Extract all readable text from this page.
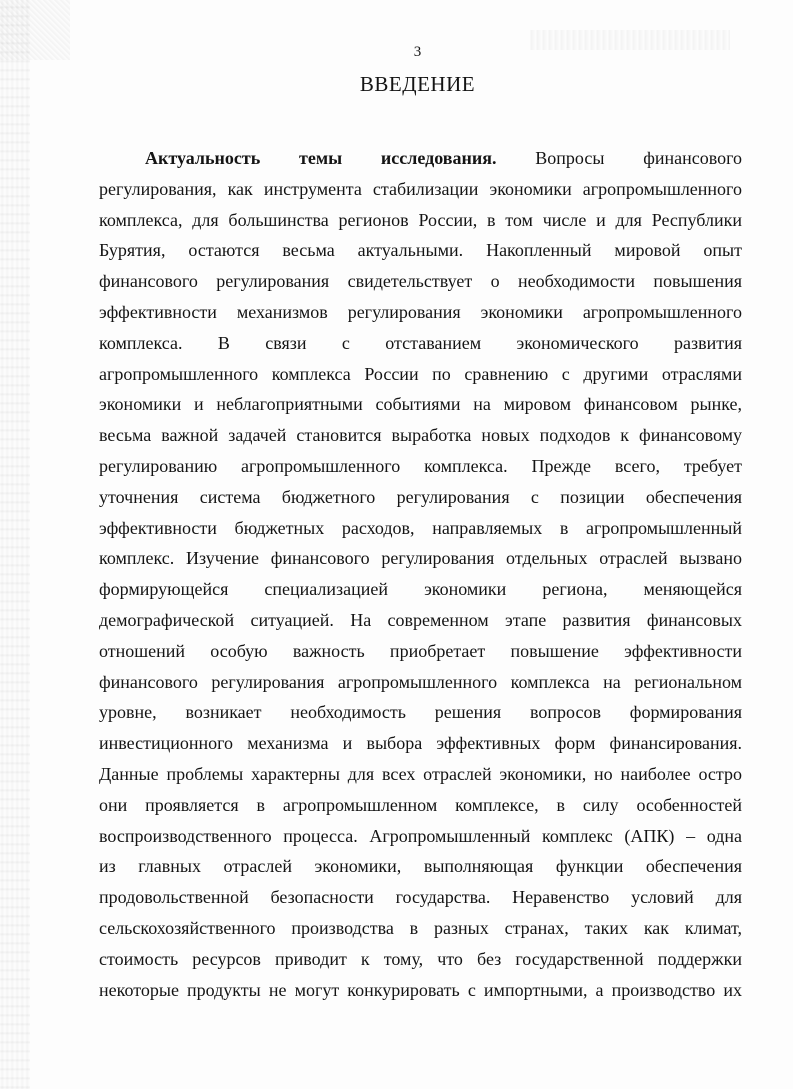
3
ВВЕДЕНИЕ
Актуальность темы исследования. Вопросы финансового
регулирования, как инструмента стабилизации экономики агропромышленного
комплекса, для большинства регионов России, в том числе и для Республики
Бурятия, остаются весьма актуальными. Накопленный мировой опыт
финансового регулирования свидетельствует о необходимости повышения
эффективности механизмов регулирования экономики агропромышленного
комплекса. В связи с отставанием экономического развития
агропромышленного комплекса России по сравнению с другими отраслями
экономики и неблагоприятными событиями на мировом финансовом рынке,
весьма важной задачей становится выработка новых подходов к финансовому
регулированию агропромышленного комплекса. Прежде всего, требует
уточнения система бюджетного регулирования с позиции обеспечения
эффективности бюджетных расходов, направляемых в агропромышленный
комплекс. Изучение финансового регулирования отдельных отраслей вызвано
формирующейся специализацией экономики региона, меняющейся
демографической ситуацией. На современном этапе развития финансовых
отношений особую важность приобретает повышение эффективности
финансового регулирования агропромышленного комплекса на региональном
уровне, возникает необходимость решения вопросов формирования
инвестиционного механизма и выбора эффективных форм финансирования.
Данные проблемы характерны для всех отраслей экономики, но наиболее остро
они проявляется в агропромышленном комплексе, в силу особенностей
воспроизводственного процесса. Агропромышленный комплекс (АПК) – одна
из главных отраслей экономики, выполняющая функции обеспечения
продовольственной безопасности государства. Неравенство условий для
сельскохозяйственного производства в разных странах, таких как климат,
стоимость ресурсов приводит к тому, что без государственной поддержки
некоторые продукты не могут конкурировать с импортными, а производство их
